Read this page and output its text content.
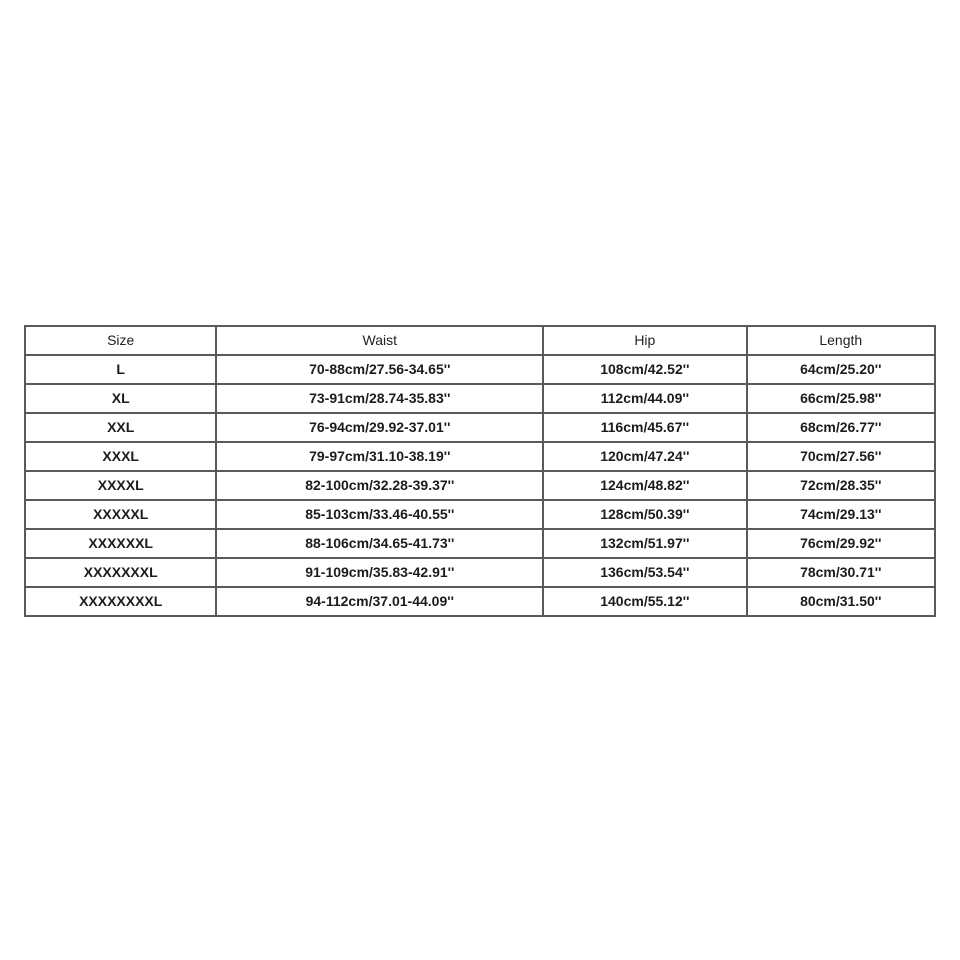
Size	Waist	Hip	Length
L	70-88cm/27.56-34.65''	108cm/42.52''	64cm/25.20''
XL	73-91cm/28.74-35.83''	112cm/44.09''	66cm/25.98''
XXL	76-94cm/29.92-37.01''	116cm/45.67''	68cm/26.77''
XXXL	79-97cm/31.10-38.19''	120cm/47.24''	70cm/27.56''
XXXXL	82-100cm/32.28-39.37''	124cm/48.82''	72cm/28.35''
XXXXXL	85-103cm/33.46-40.55''	128cm/50.39''	74cm/29.13''
XXXXXXL	88-106cm/34.65-41.73''	132cm/51.97''	76cm/29.92''
XXXXXXXL	91-109cm/35.83-42.91''	136cm/53.54''	78cm/30.71''
XXXXXXXXL	94-112cm/37.01-44.09''	140cm/55.12''	80cm/31.50''
